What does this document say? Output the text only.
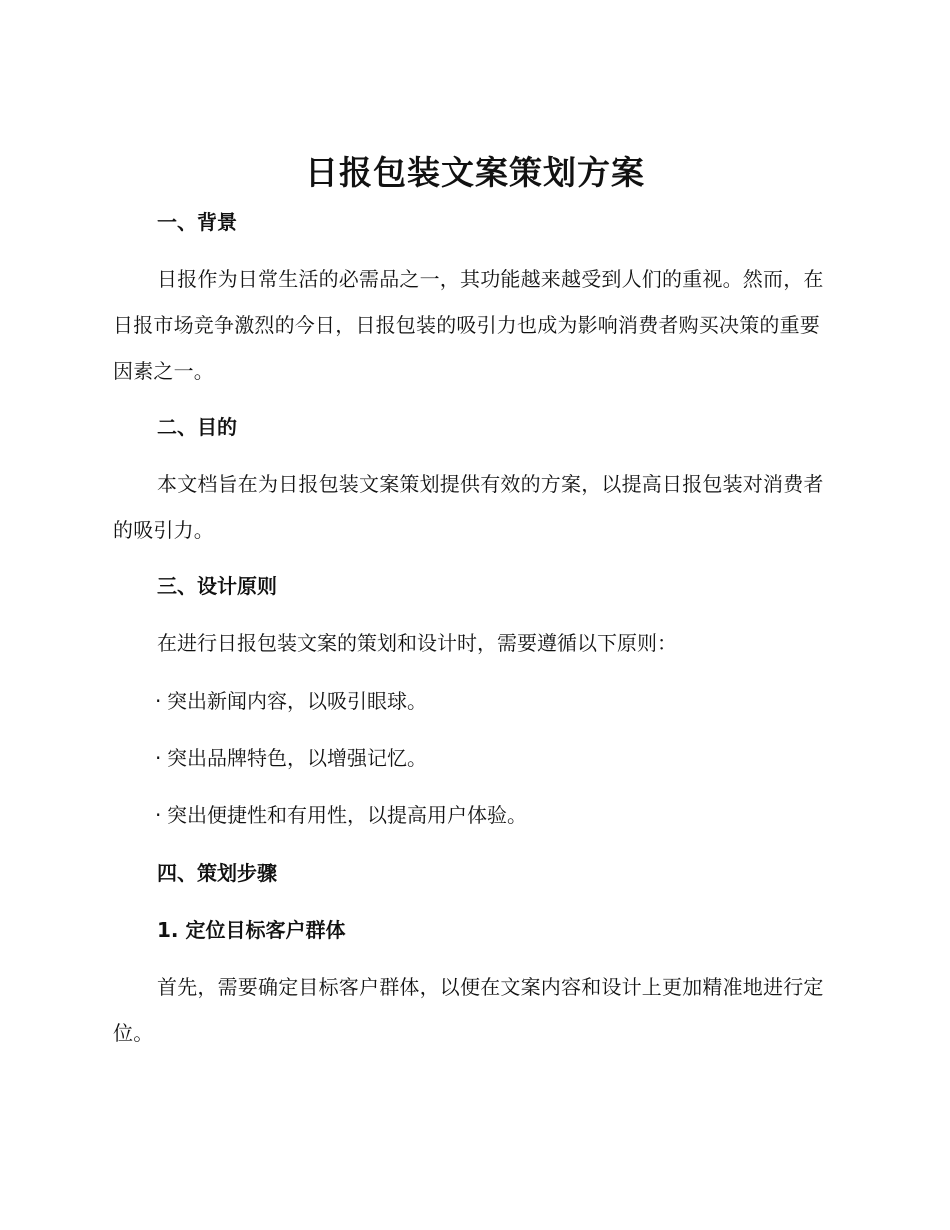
日报包装文案策划方案
一、背景
日报作为日常生活的必需品之一，其功能越来越受到人们的重视。然而，在日报市场竞争激烈的今日，日报包装的吸引力也成为影响消费者购买决策的重要因素之一。
二、目的
本文档旨在为日报包装文案策划提供有效的方案，以提高日报包装对消费者的吸引力。
三、设计原则
在进行日报包装文案的策划和设计时，需要遵循以下原则：
· 突出新闻内容，以吸引眼球。
· 突出品牌特色，以增强记忆。
· 突出便捷性和有用性，以提高用户体验。
四、策划步骤
1. 定位目标客户群体
首先，需要确定目标客户群体，以便在文案内容和设计上更加精准地进行定位。
